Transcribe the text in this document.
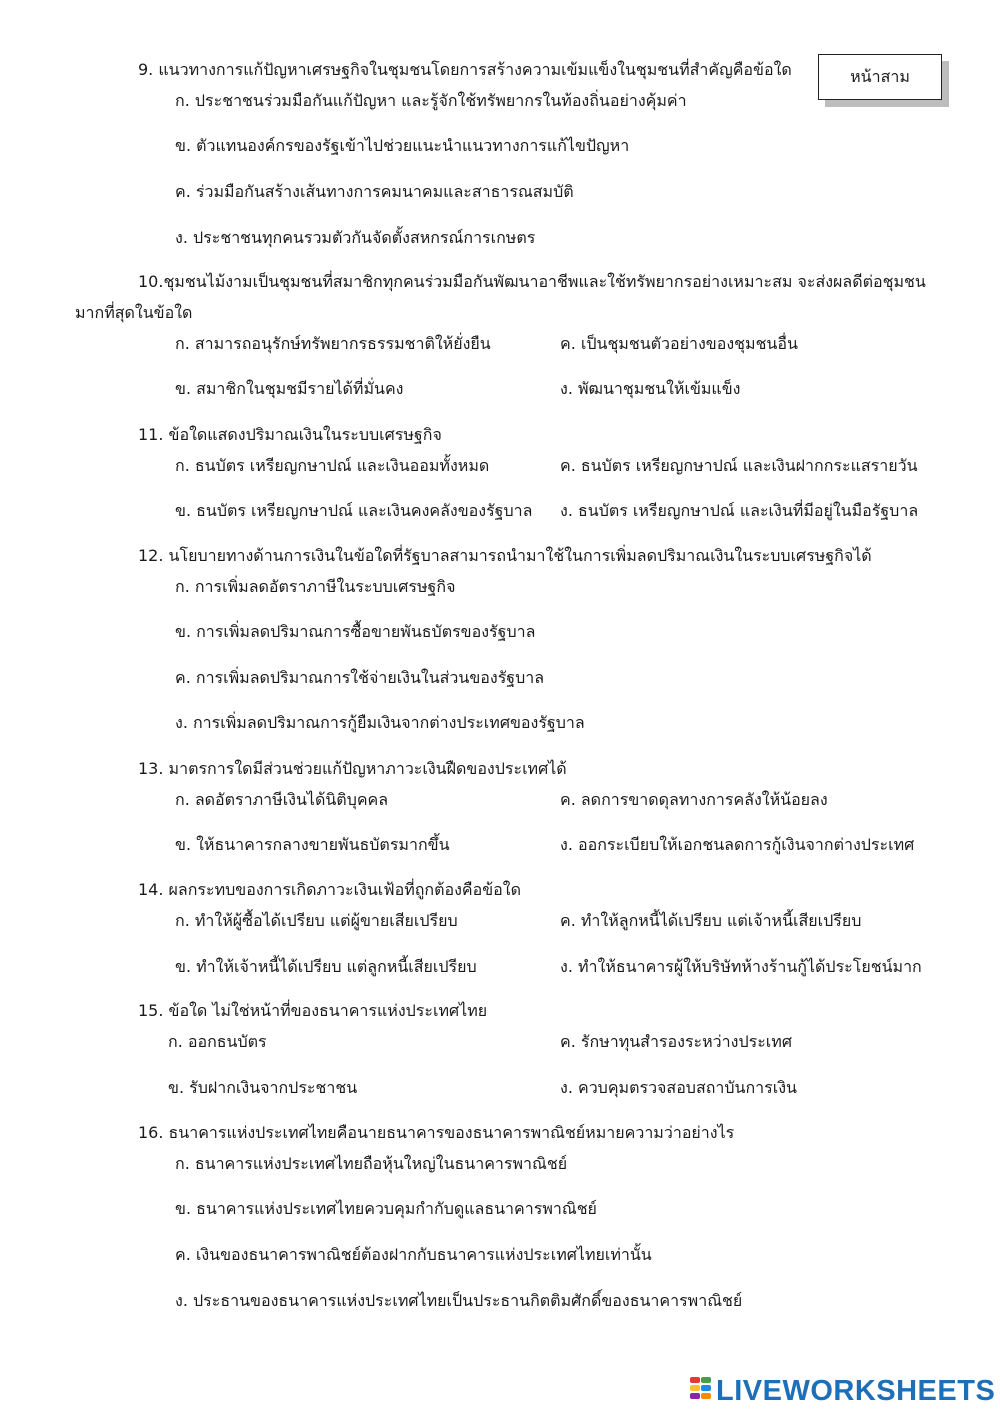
หน้าสาม
9. แนวทางการแก้ปัญหาเศรษฐกิจในชุมชนโดยการสร้างความเข้มแข็งในชุมชนที่สำคัญคือข้อใด
ก. ประชาชนร่วมมือกันแก้ปัญหา และรู้จักใช้ทรัพยากรในท้องถิ่นอย่างคุ้มค่า
ข. ตัวแทนองค์กรของรัฐเข้าไปช่วยแนะนำแนวทางการแก้ไขปัญหา
ค. ร่วมมือกันสร้างเส้นทางการคมนาคมและสาธารณสมบัติ
ง. ประชาชนทุกคนรวมตัวกันจัดตั้งสหกรณ์การเกษตร
10.ชุมชนไม้งามเป็นชุมชนที่สมาชิกทุกคนร่วมมือกันพัฒนาอาชีพและใช้ทรัพยากรอย่างเหมาะสม จะส่งผลดีต่อชุมชน
มากที่สุดในข้อใด
ก. สามารถอนุรักษ์ทรัพยากรธรรมชาติให้ยั่งยืน	ค. เป็นชุมชนตัวอย่างของชุมชนอื่น
ข. สมาชิกในชุมชมีรายได้ที่มั่นคง	ง. พัฒนาชุมชนให้เข้มแข็ง
11. ข้อใดแสดงปริมาณเงินในระบบเศรษฐกิจ
ก. ธนบัตร เหรียญกษาปณ์ และเงินออมทั้งหมด	ค. ธนบัตร เหรียญกษาปณ์ และเงินฝากกระแสรายวัน
ข. ธนบัตร เหรียญกษาปณ์ และเงินคงคลังของรัฐบาล ง. ธนบัตร เหรียญกษาปณ์ และเงินที่มีอยู่ในมือรัฐบาล
12. นโยบายทางด้านการเงินในข้อใดที่รัฐบาลสามารถนำมาใช้ในการเพิ่มลดปริมาณเงินในระบบเศรษฐกิจได้
ก. การเพิ่มลดอัตราภาษีในระบบเศรษฐกิจ
ข. การเพิ่มลดปริมาณการซื้อขายพันธบัตรของรัฐบาล
ค. การเพิ่มลดปริมาณการใช้จ่ายเงินในส่วนของรัฐบาล
ง. การเพิ่มลดปริมาณการกู้ยืมเงินจากต่างประเทศของรัฐบาล
13. มาตรการใดมีส่วนช่วยแก้ปัญหาภาวะเงินฝืดของประเทศได้
ก. ลดอัตราภาษีเงินได้นิติบุคคล	ค. ลดการขาดดุลทางการคลังให้น้อยลง
ข. ให้ธนาคารกลางขายพันธบัตรมากขึ้น	ง. ออกระเบียบให้เอกชนลดการกู้เงินจากต่างประเทศ
14. ผลกระทบของการเกิดภาวะเงินเฟ้อที่ถูกต้องคือข้อใด
ก. ทำให้ผู้ซื้อได้เปรียบ แต่ผู้ขายเสียเปรียบ	ค. ทำให้ลูกหนี้ได้เปรียบ แต่เจ้าหนี้เสียเปรียบ
ข. ทำให้เจ้าหนี้ได้เปรียบ แต่ลูกหนี้เสียเปรียบ	ง. ทำให้ธนาคารผู้ให้บริษัทห้างร้านกู้ได้ประโยชน์มาก
15. ข้อใด ไม่ใช่หน้าที่ของธนาคารแห่งประเทศไทย
ก. ออกธนบัตร	ค. รักษาทุนสำรองระหว่างประเทศ
ข. รับฝากเงินจากประชาชน	ง. ควบคุมตรวจสอบสถาบันการเงิน
16. ธนาคารแห่งประเทศไทยคือนายธนาคารของธนาคารพาณิชย์หมายความว่าอย่างไร
ก. ธนาคารแห่งประเทศไทยถือหุ้นใหญ่ในธนาคารพาณิชย์
ข. ธนาคารแห่งประเทศไทยควบคุมกำกับดูแลธนาคารพาณิชย์
ค. เงินของธนาคารพาณิชย์ต้องฝากกับธนาคารแห่งประเทศไทยเท่านั้น
ง. ประธานของธนาคารแห่งประเทศไทยเป็นประธานกิตติมศักดิ์ของธนาคารพาณิชย์
LIVEWORKSHEETS
